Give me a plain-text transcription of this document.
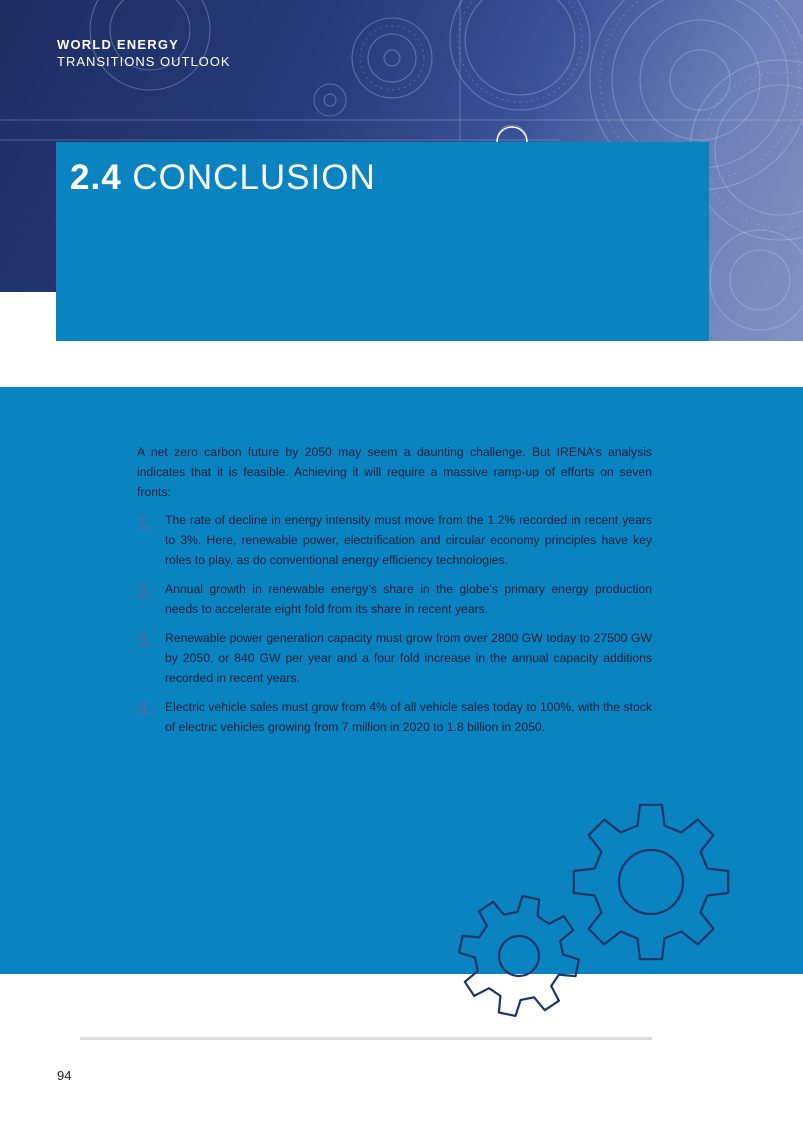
WORLD ENERGY
TRANSITIONS OUTLOOK
2.4 CONCLUSION

A net zero carbon future by 2050 may seem a daunting challenge. But IRENA’s analysis indicates that it is feasible. Achieving it will require a massive ramp-up of efforts on seven fronts:

1. The rate of decline in energy intensity must move from the 1.2% recorded in recent years to 3%. Here, renewable power, electrification and circular economy principles have key roles to play, as do conventional energy efficiency technologies.
2. Annual growth in renewable energy’s share in the globe’s primary energy production needs to accelerate eight fold from its share in recent years.
3. Renewable power generation capacity must grow from over 2800 GW today to 27500 GW by 2050, or 840 GW per year and a four fold increase in the annual capacity additions recorded in recent years.
4. Electric vehicle sales must grow from 4% of all vehicle sales today to 100%, with the stock of electric vehicles growing from 7 million in 2020 to 1.8 billion in 2050.
94
